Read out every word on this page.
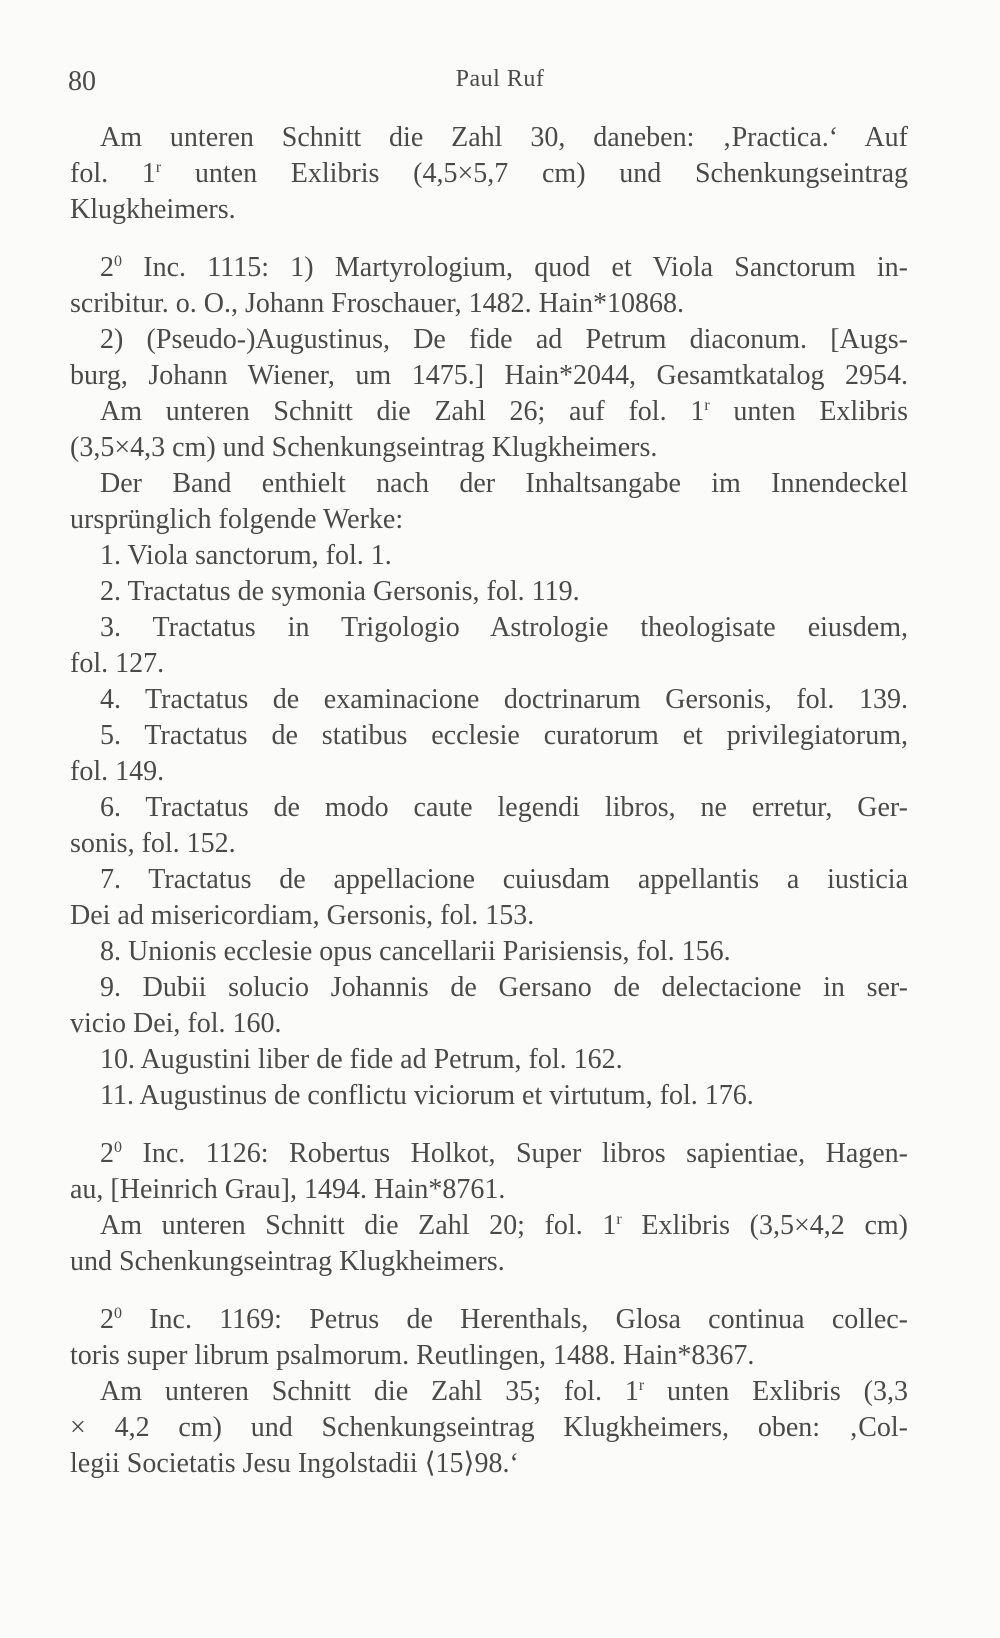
80	Paul Ruf
Am unteren Schnitt die Zahl 30, daneben: ‚Practica.‘ Auf
fol. 1$^r$ unten Exlibris (4,5×5,7 cm) und Schenkungseintrag
Klugkheimers.
$2^0$ Inc. 1115: 1) Martyrologium, quod et Viola Sanctorum in-
scribitur. o. O., Johann Froschauer, 1482. Hain*10868.
2) (Pseudo-)Augustinus, De fide ad Petrum diaconum. [Augs-
burg, Johann Wiener, um 1475.] Hain*2044, Gesamtkatalog 2954.
Am unteren Schnitt die Zahl 26; auf fol. 1$^r$ unten Exlibris
(3,5×4,3 cm) und Schenkungseintrag Klugkheimers.
Der Band enthielt nach der Inhaltsangabe im Innendeckel
ursprünglich folgende Werke:
1. Viola sanctorum, fol. 1.
2. Tractatus de symonia Gersonis, fol. 119.
3. Tractatus in Trigologio Astrologie theologisate eiusdem,
fol. 127.
4. Tractatus de examinacione doctrinarum Gersonis, fol. 139.
5. Tractatus de statibus ecclesie curatorum et privilegiatorum,
fol. 149.
6. Tractatus de modo caute legendi libros, ne erretur, Ger-
sonis, fol. 152.
7. Tractatus de appellacione cuiusdam appellantis a iusticia
Dei ad misericordiam, Gersonis, fol. 153.
8. Unionis ecclesie opus cancellarii Parisiensis, fol. 156.
9. Dubii solucio Johannis de Gersano de delectacione in ser-
vicio Dei, fol. 160.
10. Augustini liber de fide ad Petrum, fol. 162.
11. Augustinus de conflictu viciorum et virtutum, fol. 176.
$2^0$ Inc. 1126: Robertus Holkot, Super libros sapientiae, Hagen-
au, [Heinrich Grau], 1494. Hain*8761.
Am unteren Schnitt die Zahl 20; fol. 1$^r$ Exlibris (3,5×4,2 cm)
und Schenkungseintrag Klugkheimers.
$2^0$ Inc. 1169: Petrus de Herenthals, Glosa continua collec-
toris super librum psalmorum. Reutlingen, 1488. Hain*8367.
Am unteren Schnitt die Zahl 35; fol. 1$^r$ unten Exlibris (3,3
× 4,2 cm) und Schenkungseintrag Klugkheimers, oben: ‚Col-
legii Societatis Jesu Ingolstadii ⟨15⟩98.‘
